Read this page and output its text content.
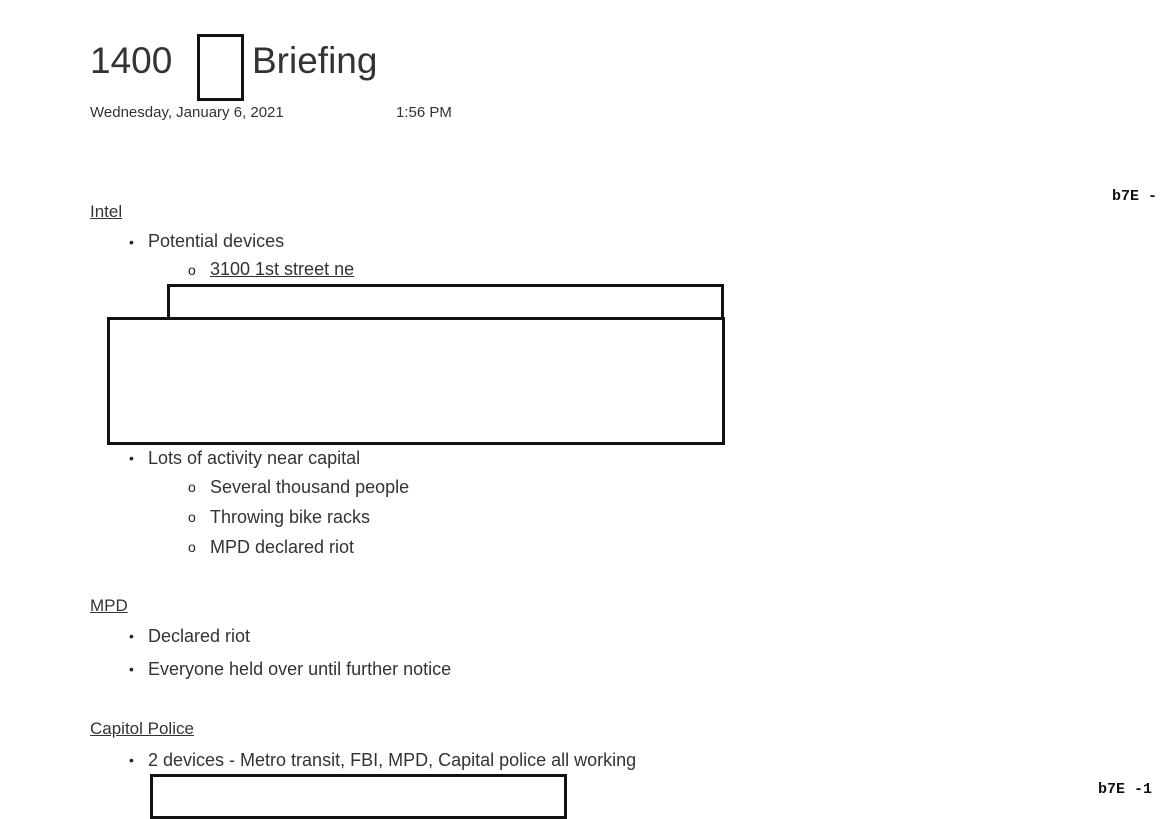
1400 Briefing
Wednesday, January 6, 2021	1:56 PM
b7E -
Intel
• Potential devices
o 3100 1st street ne
• Lots of activity near capital
o Several thousand people
o Throwing bike racks
o MPD declared riot
MPD
• Declared riot
• Everyone held over until further notice
Capitol Police
• 2 devices - Metro transit, FBI, MPD, Capital police all working
b7E -1
